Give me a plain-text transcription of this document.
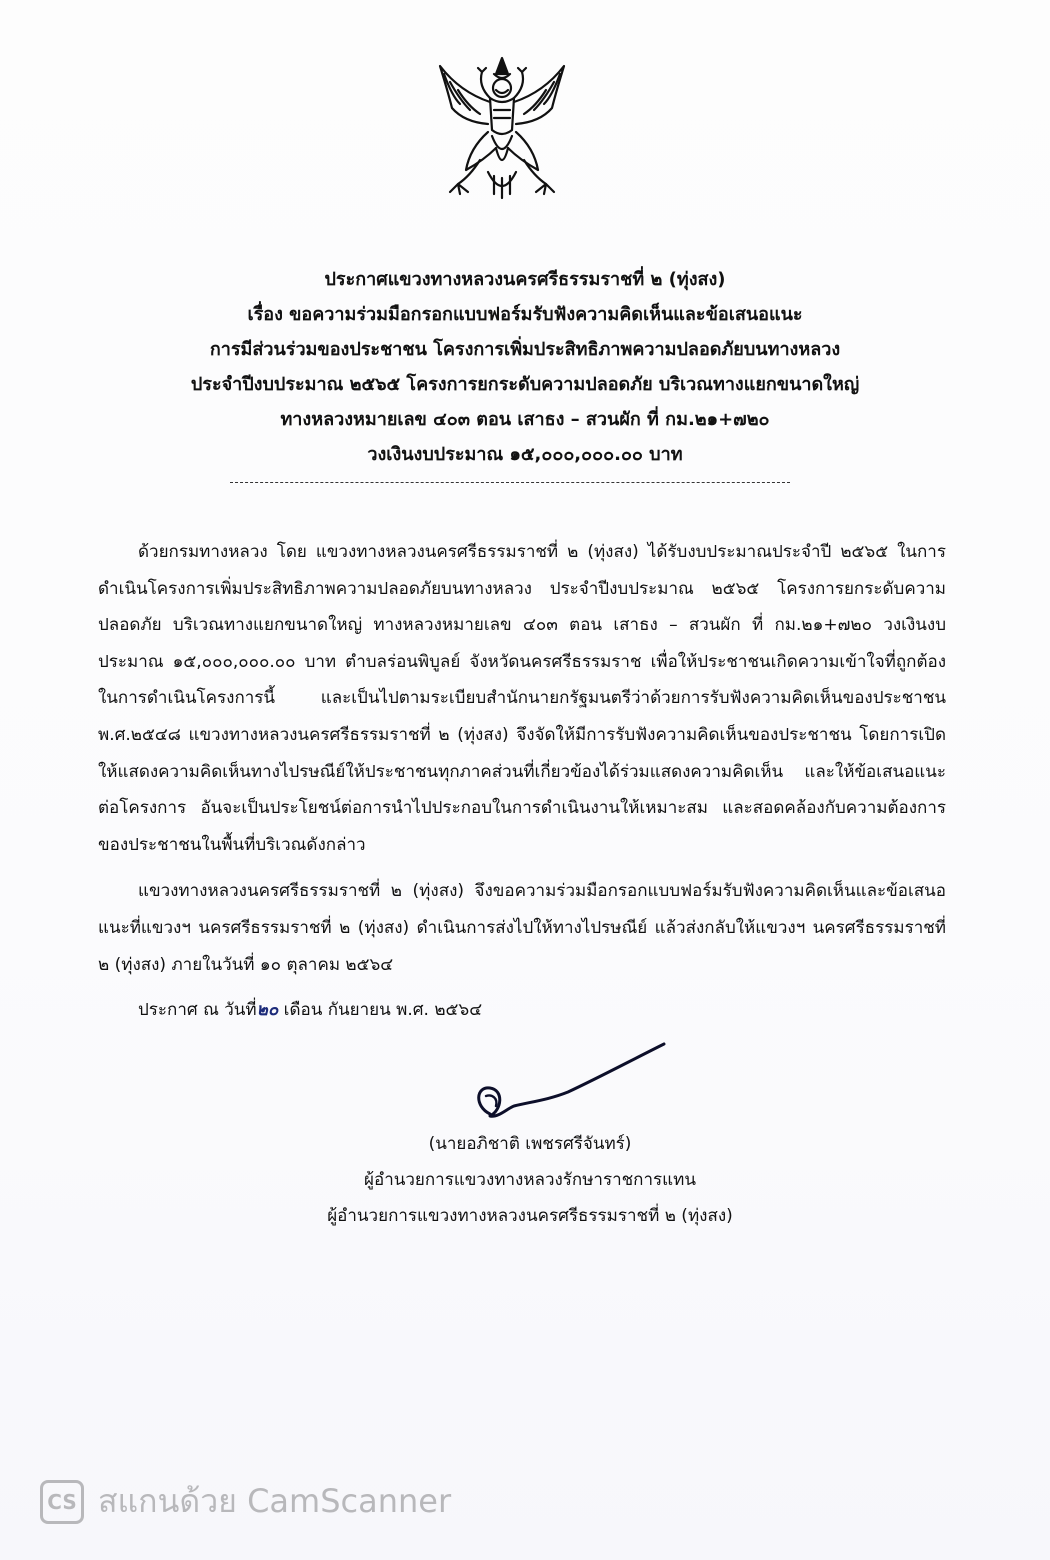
ประกาศแขวงทางหลวงนครศรีธรรมราชที่ ๒ (ทุ่งสง)
เรื่อง ขอความร่วมมือกรอกแบบฟอร์มรับฟังความคิดเห็นและข้อเสนอแนะ
การมีส่วนร่วมของประชาชน โครงการเพิ่มประสิทธิภาพความปลอดภัยบนทางหลวง
ประจำปีงบประมาณ ๒๕๖๕ โครงการยกระดับความปลอดภัย บริเวณทางแยกขนาดใหญ่
ทางหลวงหมายเลข ๔๐๓ ตอน เสาธง – สวนผัก ที่ กม.๒๑+๗๒๐
วงเงินงบประมาณ ๑๕,๐๐๐,๐๐๐.๐๐ บาท

ด้วยกรมทางหลวง โดย แขวงทางหลวงนครศรีธรรมราชที่ ๒ (ทุ่งสง) ได้รับงบประมาณประจำปี ๒๕๖๕ ในการดำเนินโครงการเพิ่มประสิทธิภาพความปลอดภัยบนทางหลวง ประจำปีงบประมาณ ๒๕๖๕ โครงการยกระดับความปลอดภัย บริเวณทางแยกขนาดใหญ่ ทางหลวงหมายเลข ๔๐๓ ตอน เสาธง – สวนผัก ที่ กม.๒๑+๗๒๐ วงเงินงบประมาณ ๑๕,๐๐๐,๐๐๐.๐๐ บาท ตำบลร่อนพิบูลย์ จังหวัดนครศรีธรรมราช เพื่อให้ประชาชนเกิดความเข้าใจที่ถูกต้องในการดำเนินโครงการนี้ และเป็นไปตามระเบียบสำนักนายกรัฐมนตรีว่าด้วยการรับฟังความคิดเห็นของประชาชน พ.ศ.๒๕๔๘ แขวงทางหลวงนครศรีธรรมราชที่ ๒ (ทุ่งสง) จึงจัดให้มีการรับฟังความคิดเห็นของประชาชน โดยการเปิดให้แสดงความคิดเห็นทางไปรษณีย์ให้ประชาชนทุกภาคส่วนที่เกี่ยวข้องได้ร่วมแสดงความคิดเห็น และให้ข้อเสนอแนะต่อโครงการ อันจะเป็นประโยชน์ต่อการนำไปประกอบในการดำเนินงานให้เหมาะสม และสอดคล้องกับความต้องการของประชาชนในพื้นที่บริเวณดังกล่าว

แขวงทางหลวงนครศรีธรรมราชที่ ๒ (ทุ่งสง) จึงขอความร่วมมือกรอกแบบฟอร์มรับฟังความคิดเห็นและข้อเสนอแนะที่แขวงฯ นครศรีธรรมราชที่ ๒ (ทุ่งสง) ดำเนินการส่งไปให้ทางไปรษณีย์ แล้วส่งกลับให้แขวงฯ นครศรีธรรมราชที่ ๒ (ทุ่งสง) ภายในวันที่ ๑๐ ตุลาคม ๒๕๖๔

ประกาศ ณ วันที่๒๐ เดือน กันยายน พ.ศ. ๒๕๖๔
(นายอภิชาติ เพชรศรีจันทร์)
ผู้อำนวยการแขวงทางหลวงรักษาราชการแทน
ผู้อำนวยการแขวงทางหลวงนครศรีธรรมราชที่ ๒ (ทุ่งสง)
CS สแกนด้วย CamScanner
